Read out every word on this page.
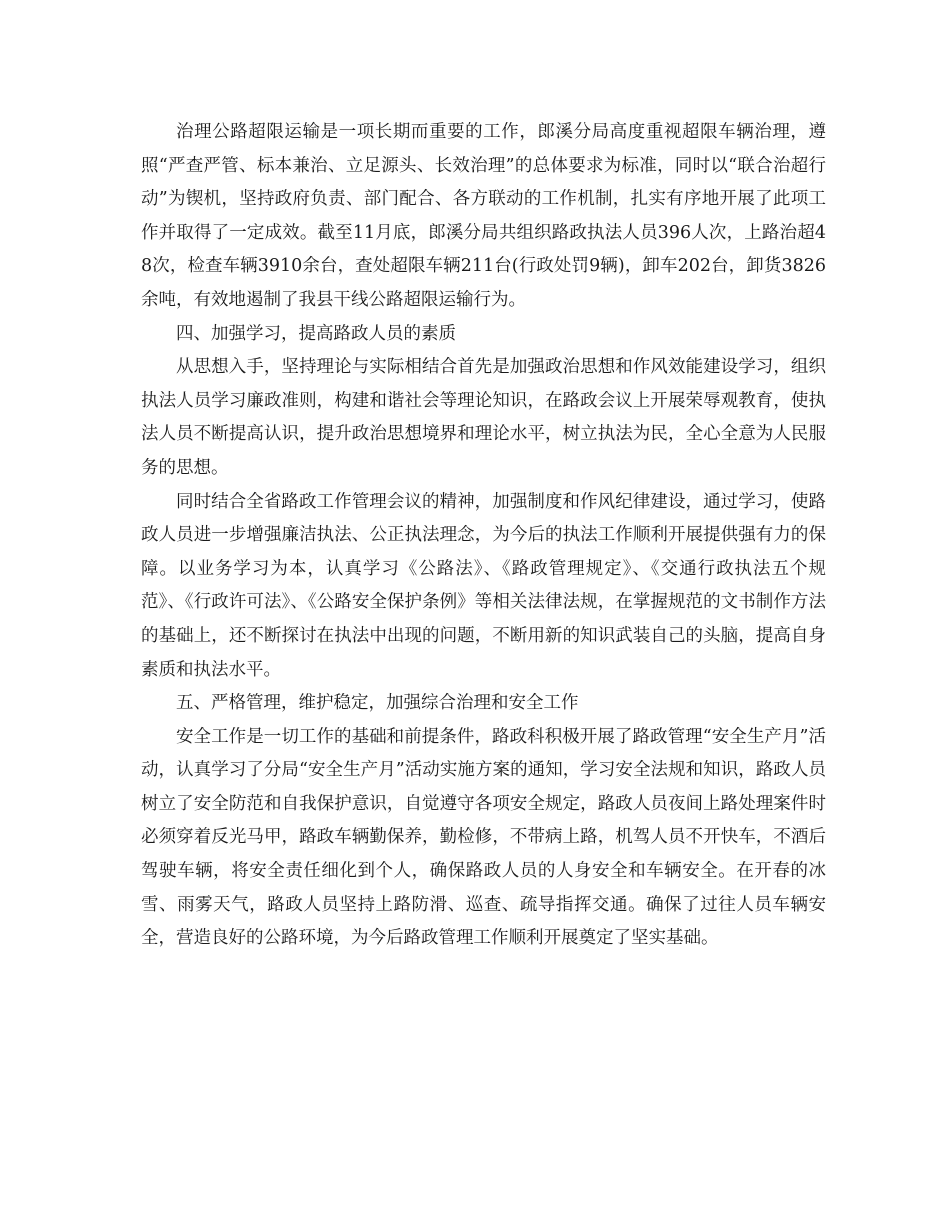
治理公路超限运输是一项长期而重要的工作，郎溪分局高度重视超限车辆治理，遵照“严查严管、标本兼治、立足源头、长效治理”的总体要求为标准，同时以“联合治超行动”为锲机，坚持政府负责、部门配合、各方联动的工作机制，扎实有序地开展了此项工作并取得了一定成效。截至11月底，郎溪分局共组织路政执法人员396人次，上路治超48次，检查车辆3910余台，查处超限车辆211台(行政处罚9辆)，卸车202台，卸货3826余吨，有效地遏制了我县干线公路超限运输行为。

四、加强学习，提高路政人员的素质

从思想入手，坚持理论与实际相结合首先是加强政治思想和作风效能建设学习，组织执法人员学习廉政准则，构建和谐社会等理论知识，在路政会议上开展荣辱观教育，使执法人员不断提高认识，提升政治思想境界和理论水平，树立执法为民，全心全意为人民服务的思想。

同时结合全省路政工作管理会议的精神，加强制度和作风纪律建设，通过学习，使路政人员进一步增强廉洁执法、公正执法理念，为今后的执法工作顺利开展提供强有力的保障。以业务学习为本，认真学习《公路法》、《路政管理规定》、《交通行政执法五个规范》、《行政许可法》、《公路安全保护条例》等相关法律法规，在掌握规范的文书制作方法的基础上，还不断探讨在执法中出现的问题，不断用新的知识武装自己的头脑，提高自身素质和执法水平。

五、严格管理，维护稳定，加强综合治理和安全工作

安全工作是一切工作的基础和前提条件，路政科积极开展了路政管理“安全生产月”活动，认真学习了分局“安全生产月”活动实施方案的通知，学习安全法规和知识，路政人员树立了安全防范和自我保护意识，自觉遵守各项安全规定，路政人员夜间上路处理案件时必须穿着反光马甲，路政车辆勤保养，勤检修，不带病上路，机驾人员不开快车，不酒后驾驶车辆，将安全责任细化到个人，确保路政人员的人身安全和车辆安全。在开春的冰雪、雨雾天气，路政人员坚持上路防滑、巡查、疏导指挥交通。确保了过往人员车辆安全，营造良好的公路环境，为今后路政管理工作顺利开展奠定了坚实基础。
